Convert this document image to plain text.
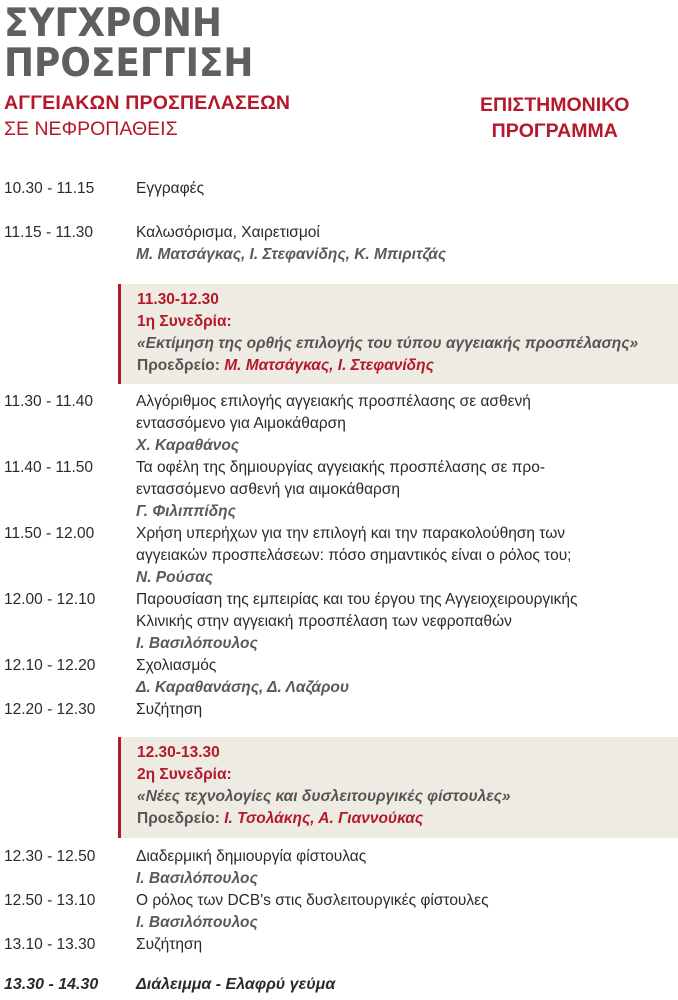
ΣΥΓΧΡΟΝΗ
ΠΡΟΣΕΓΓΙΣΗ
ΑΓΓΕΙΑΚΩΝ ΠΡΟΣΠΕΛΑΣΕΩΝ
ΣΕ ΝΕΦΡΟΠΑΘΕΙΣ
ΕΠΙΣΤΗΜΟΝΙΚΟ
ΠΡΟΓΡΑΜΜΑ
10.30 - 11.15	Εγγραφές
11.15 - 11.30	Καλωσόρισμα, Χαιρετισμοί
Μ. Ματσάγκας, Ι. Στεφανίδης, Κ. Μπιριτζάς
11.30-12.30
1η Συνεδρία:
«Εκτίμηση της ορθής επιλογής του τύπου αγγειακής προσπέλασης»
Προεδρείο: Μ. Ματσάγκας, Ι. Στεφανίδης
11.30 - 11.40	Αλγόριθμος επιλογής αγγειακής προσπέλασης σε ασθενή
εντασσόμενο για Αιμοκάθαρση
Χ. Καραθάνος
11.40 - 11.50	Τα οφέλη της δημιουργίας αγγειακής προσπέλασης σε προ-
εντασσόμενο ασθενή για αιμοκάθαρση
Γ. Φιλιππίδης
11.50 - 12.00	Χρήση υπερήχων για την επιλογή και την παρακολούθηση των
αγγειακών προσπελάσεων: πόσο σημαντικός είναι ο ρόλος του;
Ν. Ρούσας
12.00 - 12.10	Παρουσίαση της εμπειρίας και του έργου της Αγγειοχειρουργικής
Κλινικής στην αγγειακή προσπέλαση των νεφροπαθών
Ι. Βασιλόπουλος
12.10 - 12.20	Σχολιασμός
Δ. Καραθανάσης, Δ. Λαζάρου
12.20 - 12.30	Συζήτηση
12.30-13.30
2η Συνεδρία:
«Νέες τεχνολογίες και δυσλειτουργικές φίστουλες»
Προεδρείο: Ι. Τσολάκης, Α. Γιαννούκας
12.30 - 12.50	Διαδερμική δημιουργία φίστουλας
Ι. Βασιλόπουλος
12.50 - 13.10	Ο ρόλος των DCB's στις δυσλειτουργικές φίστουλες
Ι. Βασιλόπουλος
13.10 - 13.30	Συζήτηση
13.30 - 14.30 Διάλειμμα - Ελαφρύ γεύμα
